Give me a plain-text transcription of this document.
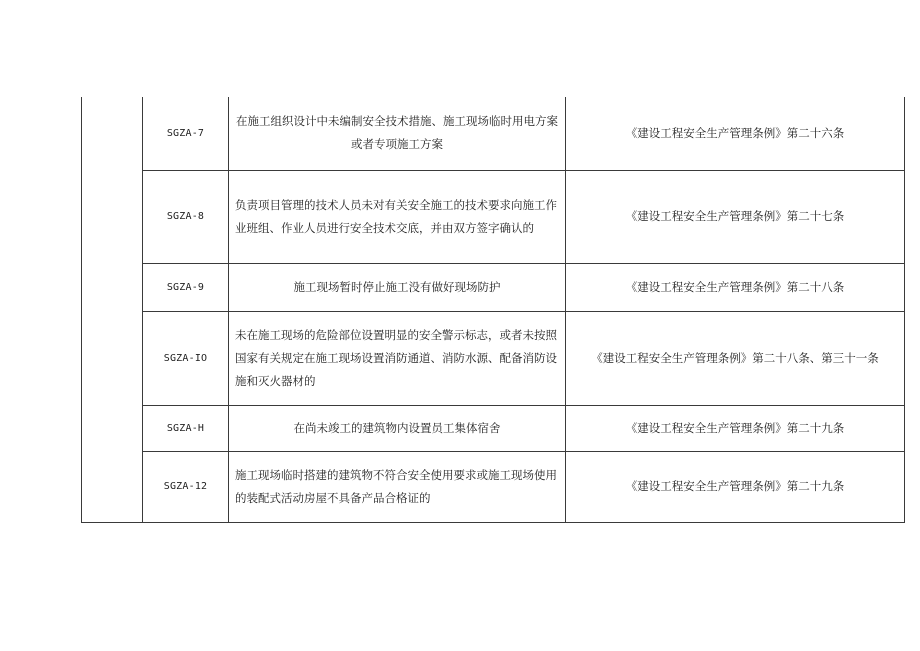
	SGZA-7	在施工组织设计中未编制安全技术措施、施工现场临时用电方案或者专项施工方案	《建设工程安全生产管理条例》第二十六条
	SGZA-8	负责项目管理的技术人员未对有关安全施工的技术要求向施工作业班组、作业人员进行安全技术交底，并由双方签字确认的	《建设工程安全生产管理条例》第二十七条
	SGZA-9	施工现场暂时停止施工没有做好现场防护	《建设工程安全生产管理条例》第二十八条
	SGZA-IO	未在施工现场的危险部位设置明显的安全警示标志，或者未按照国家有关规定在施工现场设置消防通道、消防水源、配备消防设施和灭火器材的	《建设工程安全生产管理条例》第二十八条、第三十一条
	SGZA-H	在尚未竣工的建筑物内设置员工集体宿舍	《建设工程安全生产管理条例》第二十九条
	SGZA-12	施工现场临时搭建的建筑物不符合安全使用要求或施工现场使用的装配式活动房屋不具备产品合格证的	《建设工程安全生产管理条例》第二十九条
